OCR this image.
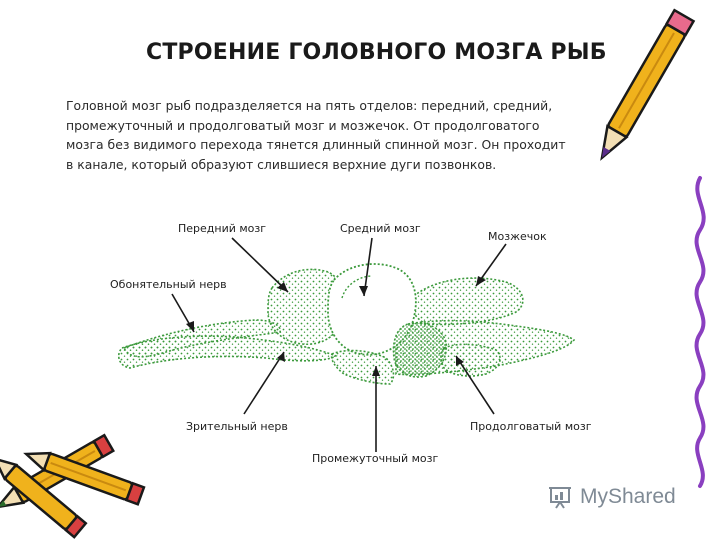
СТРОЕНИЕ ГОЛОВНОГО МОЗГА РЫБ
Головной мозг рыб подразделяется на пять отделов: передний, средний,
промежуточный и продолговатый мозг и мозжечок. От продолговатого
мозга без видимого перехода тянется длинный спинной мозг. Он проходит
в канале, который образуют слившиеся верхние дуги позвонков.
Передний мозг	Средний мозг
Мозжечок
Обонятельный нерв
Зрительный нерв	Продолговатый мозг
Промежуточный мозг
MyShared
